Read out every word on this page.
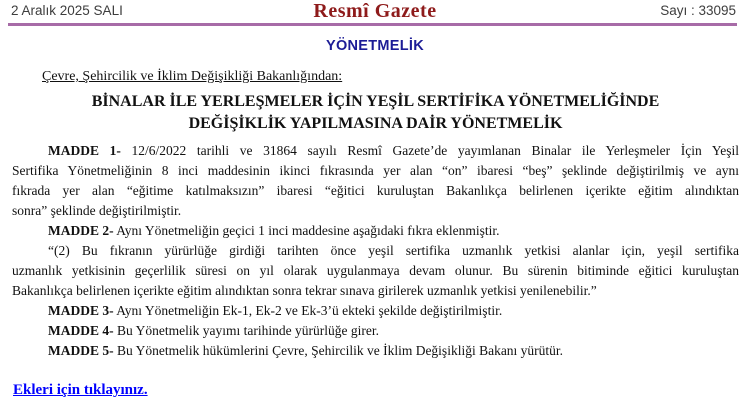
2 Aralık 2025 SALI	Resmî Gazete	Sayı : 33095
YÖNETMELİK
Çevre, Şehircilik ve İklim Değişikliği Bakanlığından:
BİNALAR İLE YERLEŞMELER İÇİN YEŞİL SERTİFİKA YÖNETMELİĞİNDE
DEĞİŞİKLİK YAPILMASINA DAİR YÖNETMELİK
MADDE 1- 12/6/2022 tarihli ve 31864 sayılı Resmî Gazete’de yayımlanan Binalar ile Yerleşmeler İçin Yeşil
Sertifika Yönetmeliğinin 8 inci maddesinin ikinci fıkrasında yer alan “on” ibaresi “beş” şeklinde değiştirilmiş ve aynı
fıkrada yer alan “eğitime katılmaksızın” ibaresi “eğitici kuruluştan Bakanlıkça belirlenen içerikte eğitim alındıktan
sonra” şeklinde değiştirilmiştir.
MADDE 2- Aynı Yönetmeliğin geçici 1 inci maddesine aşağıdaki fıkra eklenmiştir.
“(2) Bu fıkranın yürürlüğe girdiği tarihten önce yeşil sertifika uzmanlık yetkisi alanlar için, yeşil sertifika
uzmanlık yetkisinin geçerlilik süresi on yıl olarak uygulanmaya devam olunur. Bu sürenin bitiminde eğitici kuruluştan
Bakanlıkça belirlenen içerikte eğitim alındıktan sonra tekrar sınava girilerek uzmanlık yetkisi yenilenebilir.”
MADDE 3- Aynı Yönetmeliğin Ek-1, Ek-2 ve Ek-3’ü ekteki şekilde değiştirilmiştir.
MADDE 4- Bu Yönetmelik yayımı tarihinde yürürlüğe girer.
MADDE 5- Bu Yönetmelik hükümlerini Çevre, Şehircilik ve İklim Değişikliği Bakanı yürütür.
Ekleri için tıklayınız.
